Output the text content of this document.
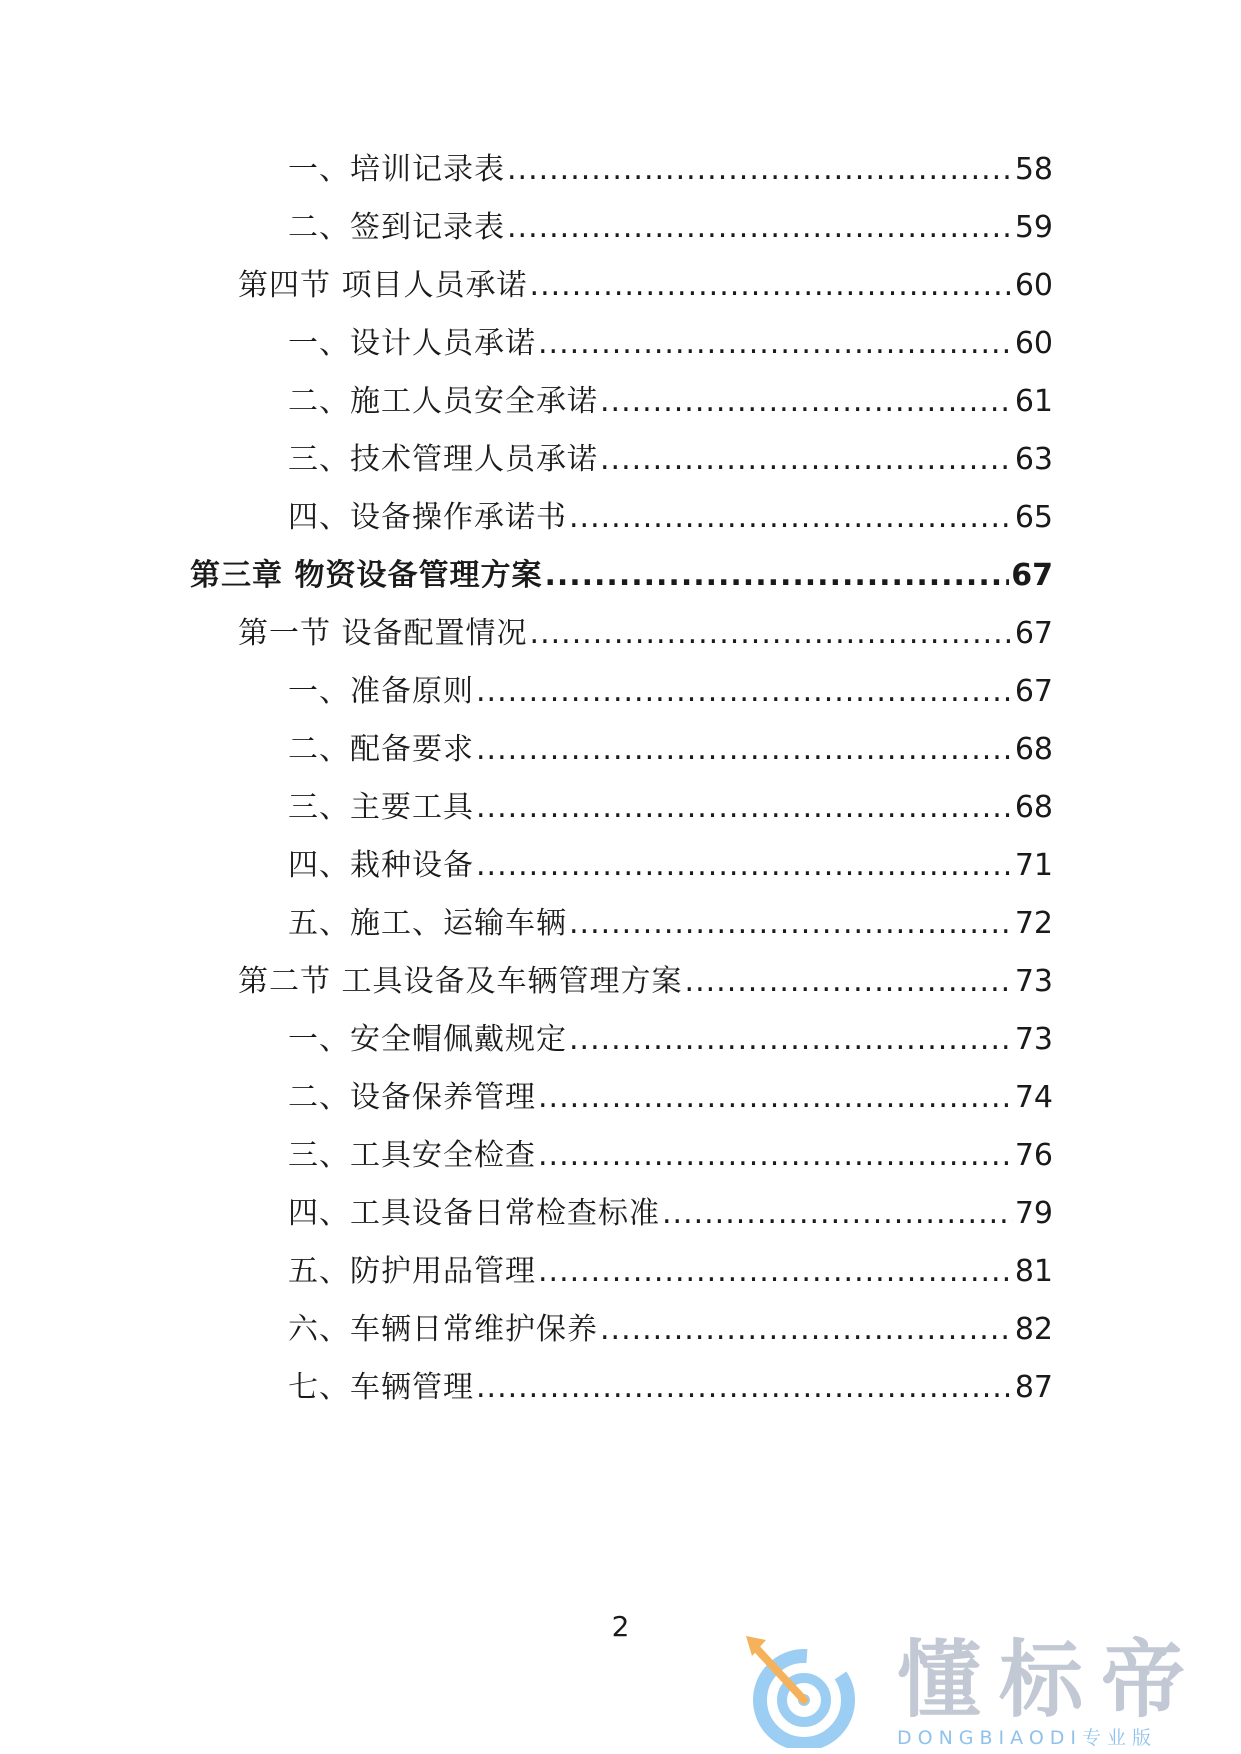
一、培训记录表 .....	58
二、签到记录表 .....	59
第四节 项目人员承诺 .....	60
一、设计人员承诺 .....	60
二、施工人员安全承诺 .....	61
三、技术管理人员承诺 .....	63
四、设备操作承诺书 .....	65
第三章 物资设备管理方案 .....	67
第一节 设备配置情况 .....	67
一、准备原则 .....	67
二、配备要求 .....	68
三、主要工具 .....	68
四、栽种设备 .....	71
五、施工、运输车辆 .....	72
第二节 工具设备及车辆管理方案 .....	73
一、安全帽佩戴规定 .....	73
二、设备保养管理 .....	74
三、工具安全检查 .....	76
四、工具设备日常检查标准 .....	79
五、防护用品管理 .....	81
六、车辆日常维护保养 .....	82
七、车辆管理 .....	87
2
懂标帝
DONGBIAODI专业版
